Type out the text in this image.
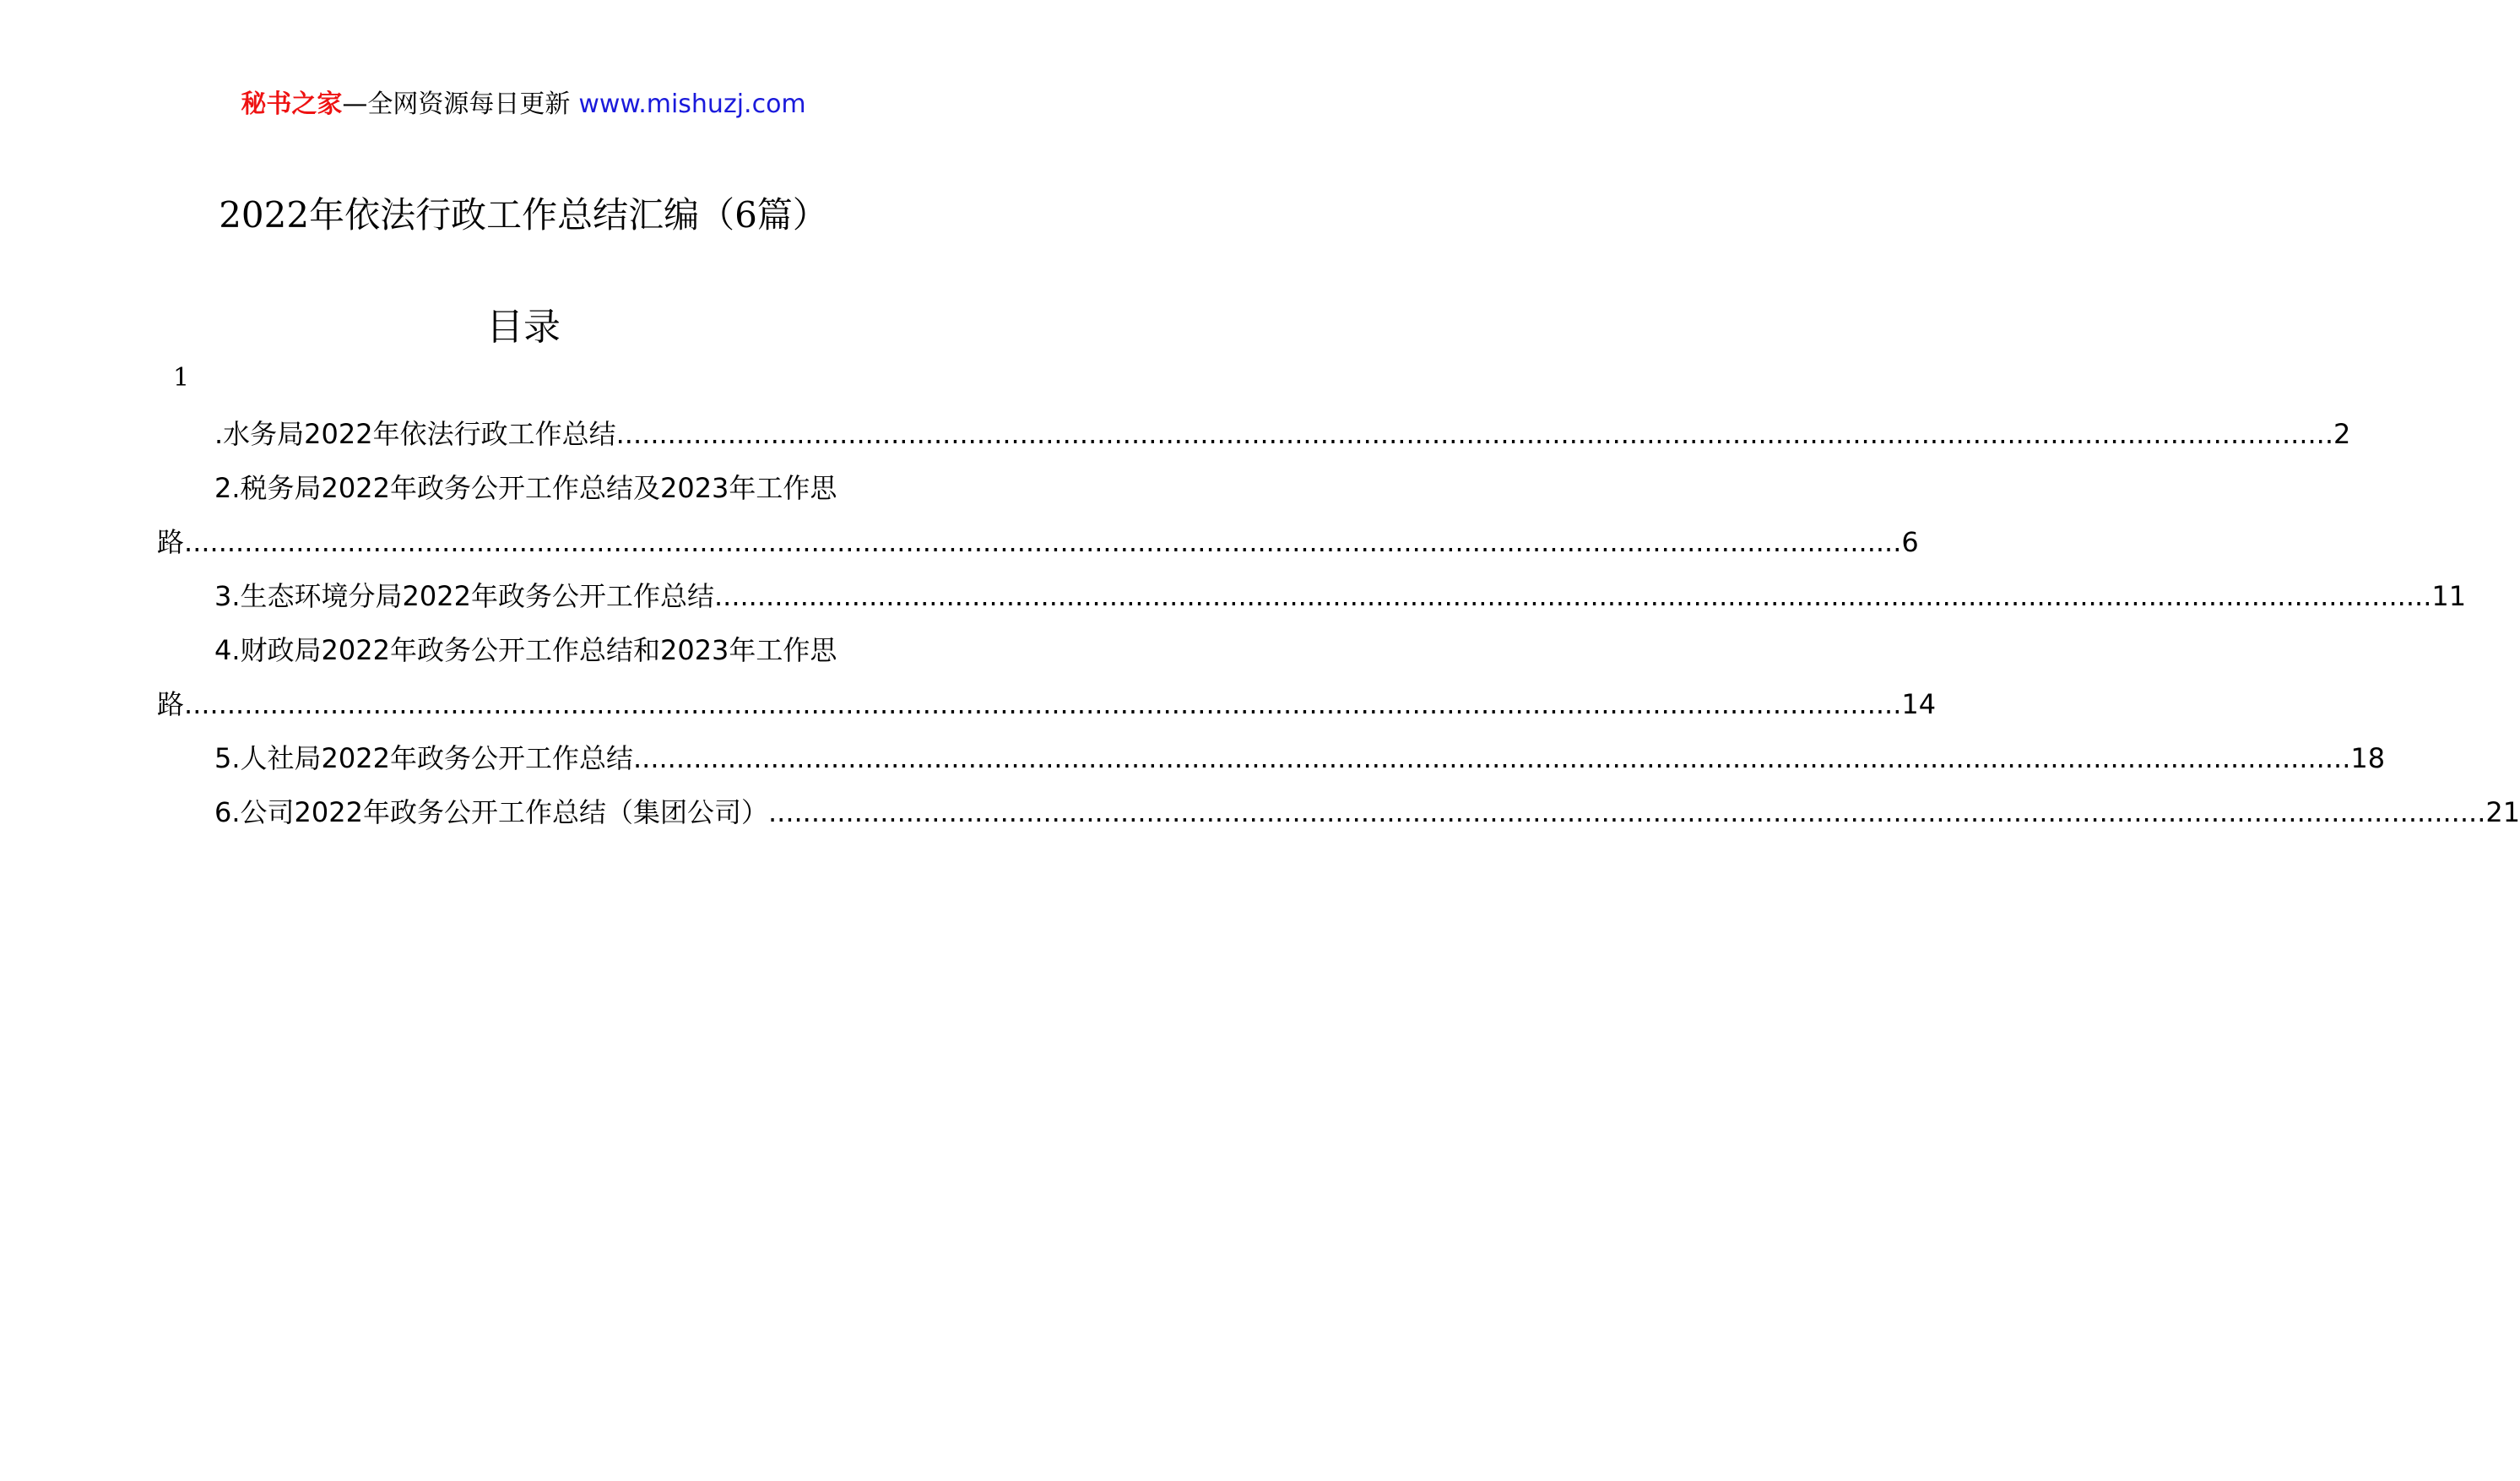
秘书之家—全网资源每日更新 www.mishuzj.com
2022年依法行政工作总结汇编（6篇）
目录
1
.水务局2022年依法行政工作总结 ........................................................................................................................................................................................................ 2
2.税务局2022年政务公开工作总结及2023年工作思
路 ........................................................................................................................................................................................................ 6
3.生态环境分局2022年政务公开工作总结 ........................................................................................................................................................................................................ 11
4.财政局2022年政务公开工作总结和2023年工作思
路 ........................................................................................................................................................................................................ 14
5.人社局2022年政务公开工作总结 ........................................................................................................................................................................................................ 18
6.公司2022年政务公开工作总结（集团公司） ........................................................................................................................................................................................................ 21
